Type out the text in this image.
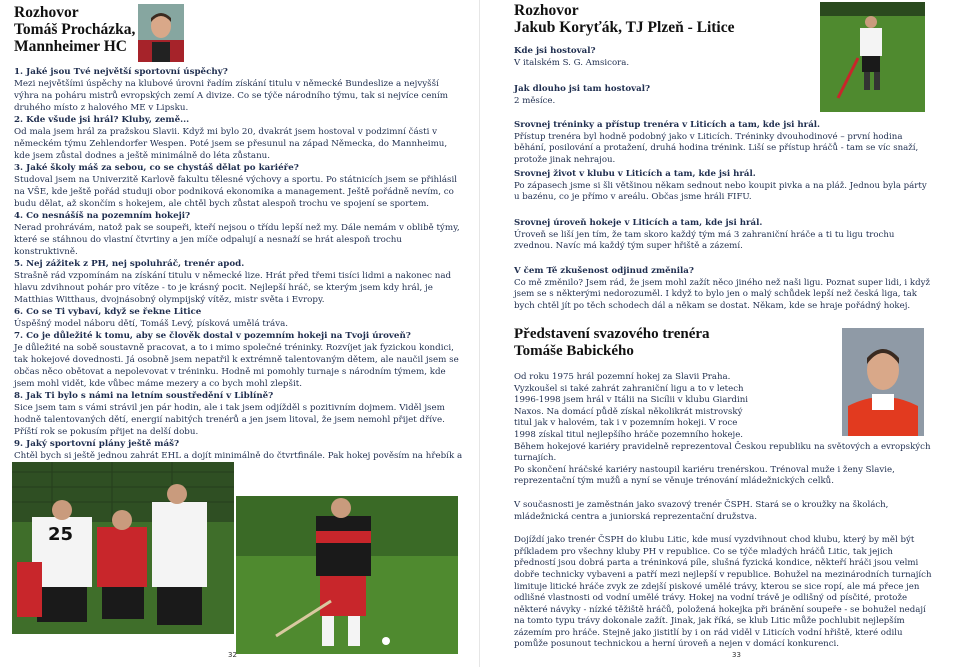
Rozhovor
Tomáš Procházka,
Mannheimer HC

1. Jaké jsou Tvé největší sportovní úspěchy?

Mezi největšími úspěchy na klubové úrovni řadím získání titulu v německé Bundeslize a nejvyšší výhra na poháru mistrů evropských zemí A divize. Co se týče národního týmu, tak si nejvíce cením druhého místo z halového ME v Lipsku.

2. Kde všude jsi hrál? Kluby, země...

Od mala jsem hrál za pražskou Slavii. Když mi bylo 20, dvakrát jsem hostoval v podzimní části v německém týmu Zehlendorfer Wespen. Poté jsem se přesunul na západ Německa, do Mannheimu, kde jsem zůstal dodnes a ještě minimálně do léta zůstanu.

3. Jaké školy máš za sebou, co se chystáš dělat po kariéře?

Studoval jsem na Univerzitě Karlově fakultu tělesné výchovy a sportu. Po státnicích jsem se přihlásil na VŠE, kde ještě pořád studuji obor podniková ekonomika a management. Ještě pořádně nevím, co budu dělat, až skončím s hokejem, ale chtěl bych zůstat alespoň trochu ve spojení se sportem.

4. Co nesnášíš na pozemním hokeji?

Nerad prohrávám, natož pak se soupeři, kteří nejsou o třídu lepší než my. Dále nemám v oblibě týmy, které se stáhnou do vlastní čtvrtiny a jen míče odpalují a nesnaží se hrát alespoň trochu konstruktivně.

5. Nej zážitek z PH, nej spoluhráč, trenér apod.

Strašně rád vzpomínám na získání titulu v německé lize. Hrát před třemi tisíci lidmi a nakonec nad hlavu zdvihnout pohár pro vítěze - to je krásný pocit. Nejlepší hráč, se kterým jsem kdy hrál, je Matthias Witthaus, dvojnásobný olympijský vítěz, mistr světa i Evropy.

6. Co se Ti vybaví, když se řekne Litice

Úspěšný model náboru dětí, Tomáš Levý, písková umělá tráva.

7. Co je důležité k tomu, aby se člověk dostal v pozemním hokeji na Tvoji úroveň?

Je důležité na sobě soustavně pracovat, a to i mimo společné tréninky. Rozvíjet jak fyzickou kondici, tak hokejové dovednosti. Já osobně jsem nepatřil k extrémně talentovaným dětem, ale naučil jsem se občas něco obětovat a nepolevovat v tréninku. Hodně mi pomohly turnaje s národním týmem, kde jsem mohl vidět, kde vůbec máme mezery a co bych mohl zlepšit.

8. Jak Ti bylo s námi na letním soustředění v Liblíně?

Sice jsem tam s vámi strávil jen pár hodin, ale i tak jsem odjížděl s pozitivním dojmem. Viděl jsem hodně talentovaných dětí, energií nabitých trenérů a jen jsem litoval, že jsem nemohl přijet dříve. Příští rok se pokusím přijet na delší dobu.

9. Jaký sportovní plány ještě máš?

Chtěl bych si ještě jednou zahrát EHL a dojít minimálně do čtvrtfinále. Pak hokej pověsím na hřebík a

25
32
Rozhovor
Jakub Koryťák, TJ Plzeň - Litice

Kde jsi hostoval?

V italském S. G. Amsicora.

Jak dlouho jsi tam hostoval?

2 měsíce.

Srovnej tréninky a přístup trenéra v Liticích a tam, kde jsi hrál.

Přístup trenéra byl hodně podobný jako v Liticích. Tréninky dvouhodinové – první hodina běhání, posilování a protažení, druhá hodina trénink. Liší se přístup hráčů - tam se víc snaží, protože jinak nehrajou.

Srovnej život v klubu v Liticích a tam, kde jsi hrál.

Po zápasech jsme si šli většinou někam sednout nebo koupit pivka a na pláž. Jednou byla párty u bazénu, co je přímo v areálu. Občas jsme hráli FIFU.

Srovnej úroveň hokeje v Liticích a tam, kde jsi hrál.

Úroveň se liší jen tím, že tam skoro každý tým má 3 zahraniční hráče a ti tu ligu trochu zvednou. Navíc má každý tým super hřiště a zázemí.

V čem Tě zkušenost odjinud změnila?

Co mě změnilo? Jsem rád, že jsem mohl zažít něco jiného než naši ligu. Poznat super lidi, i když jsem se s některými nedorozuměl. I když to bylo jen o malý schůdek lepší než česká liga, tak bych chtěl jít po těch schodech dál a někam se dostat. Někam, kde se hraje pořádný hokej.

Představení svazového trenéra
Tomáše Babického

Od roku 1975 hrál pozemní hokej za Slavii Praha.

Vyzkoušel si také zahrát zahraniční ligu a to v letech

1996-1998 jsem hrál v Itálii na Sicílii v klubu Giardini

Naxos. Na domácí půdě získal několikrát mistrovský

titul jak v halovém, tak i v pozemním hokeji. V roce

1998 získal titul nejlepšího hráče pozemního hokeje.

Během hokejové kariéry pravidelně reprezentoval Českou republiku na světových a evropských turnajích.

Po skončení hráčské kariéry nastoupil kariéru trenérskou. Trénoval muže i ženy Slavie, reprezentační tým mužů a nyní se věnuje trénování mládežnických celků.

V současnosti je zaměstnán jako svazový trenér ČSPH. Stará se o kroužky na školách, mládežnická centra a juniorská reprezentační družstva.

Dojíždí jako trenér ČSPH do klubu Litic, kde musí vyzdvihnout chod klubu, který by měl být příkladem pro všechny kluby PH v republice. Co se týče mladých hráčů Litic, tak jejich předností jsou dobrá parta a tréninková píle, slušná fyzická kondice, někteří hráči jsou velmi dobře technicky vybaveni a patří mezi nejlepší v republice. Bohužel na mezinárodních turnajích limituje litické hráče zvyk ze zdejší piskové umělé trávy, kterou se sice ropí, ale má přece jen odlišné vlastnosti od vodní umělé trávy. Hokej na vodní trávě je odlišný od písčité, protože některé návyky - nízké těžiště hráčů, položená hokejka při bránění soupeře - se bohužel nedají na tomto typu trávy dokonale zažít. Jinak, jak říká, se klub Litic může pochlubit nejlepším zázemím pro hráče. Stejně jako jistitlí by i on rád viděl v Liticích vodní hřiště, které odilu pomůže posunout technickou a herní úroveň a nejen v domácí konkurenci.

33
